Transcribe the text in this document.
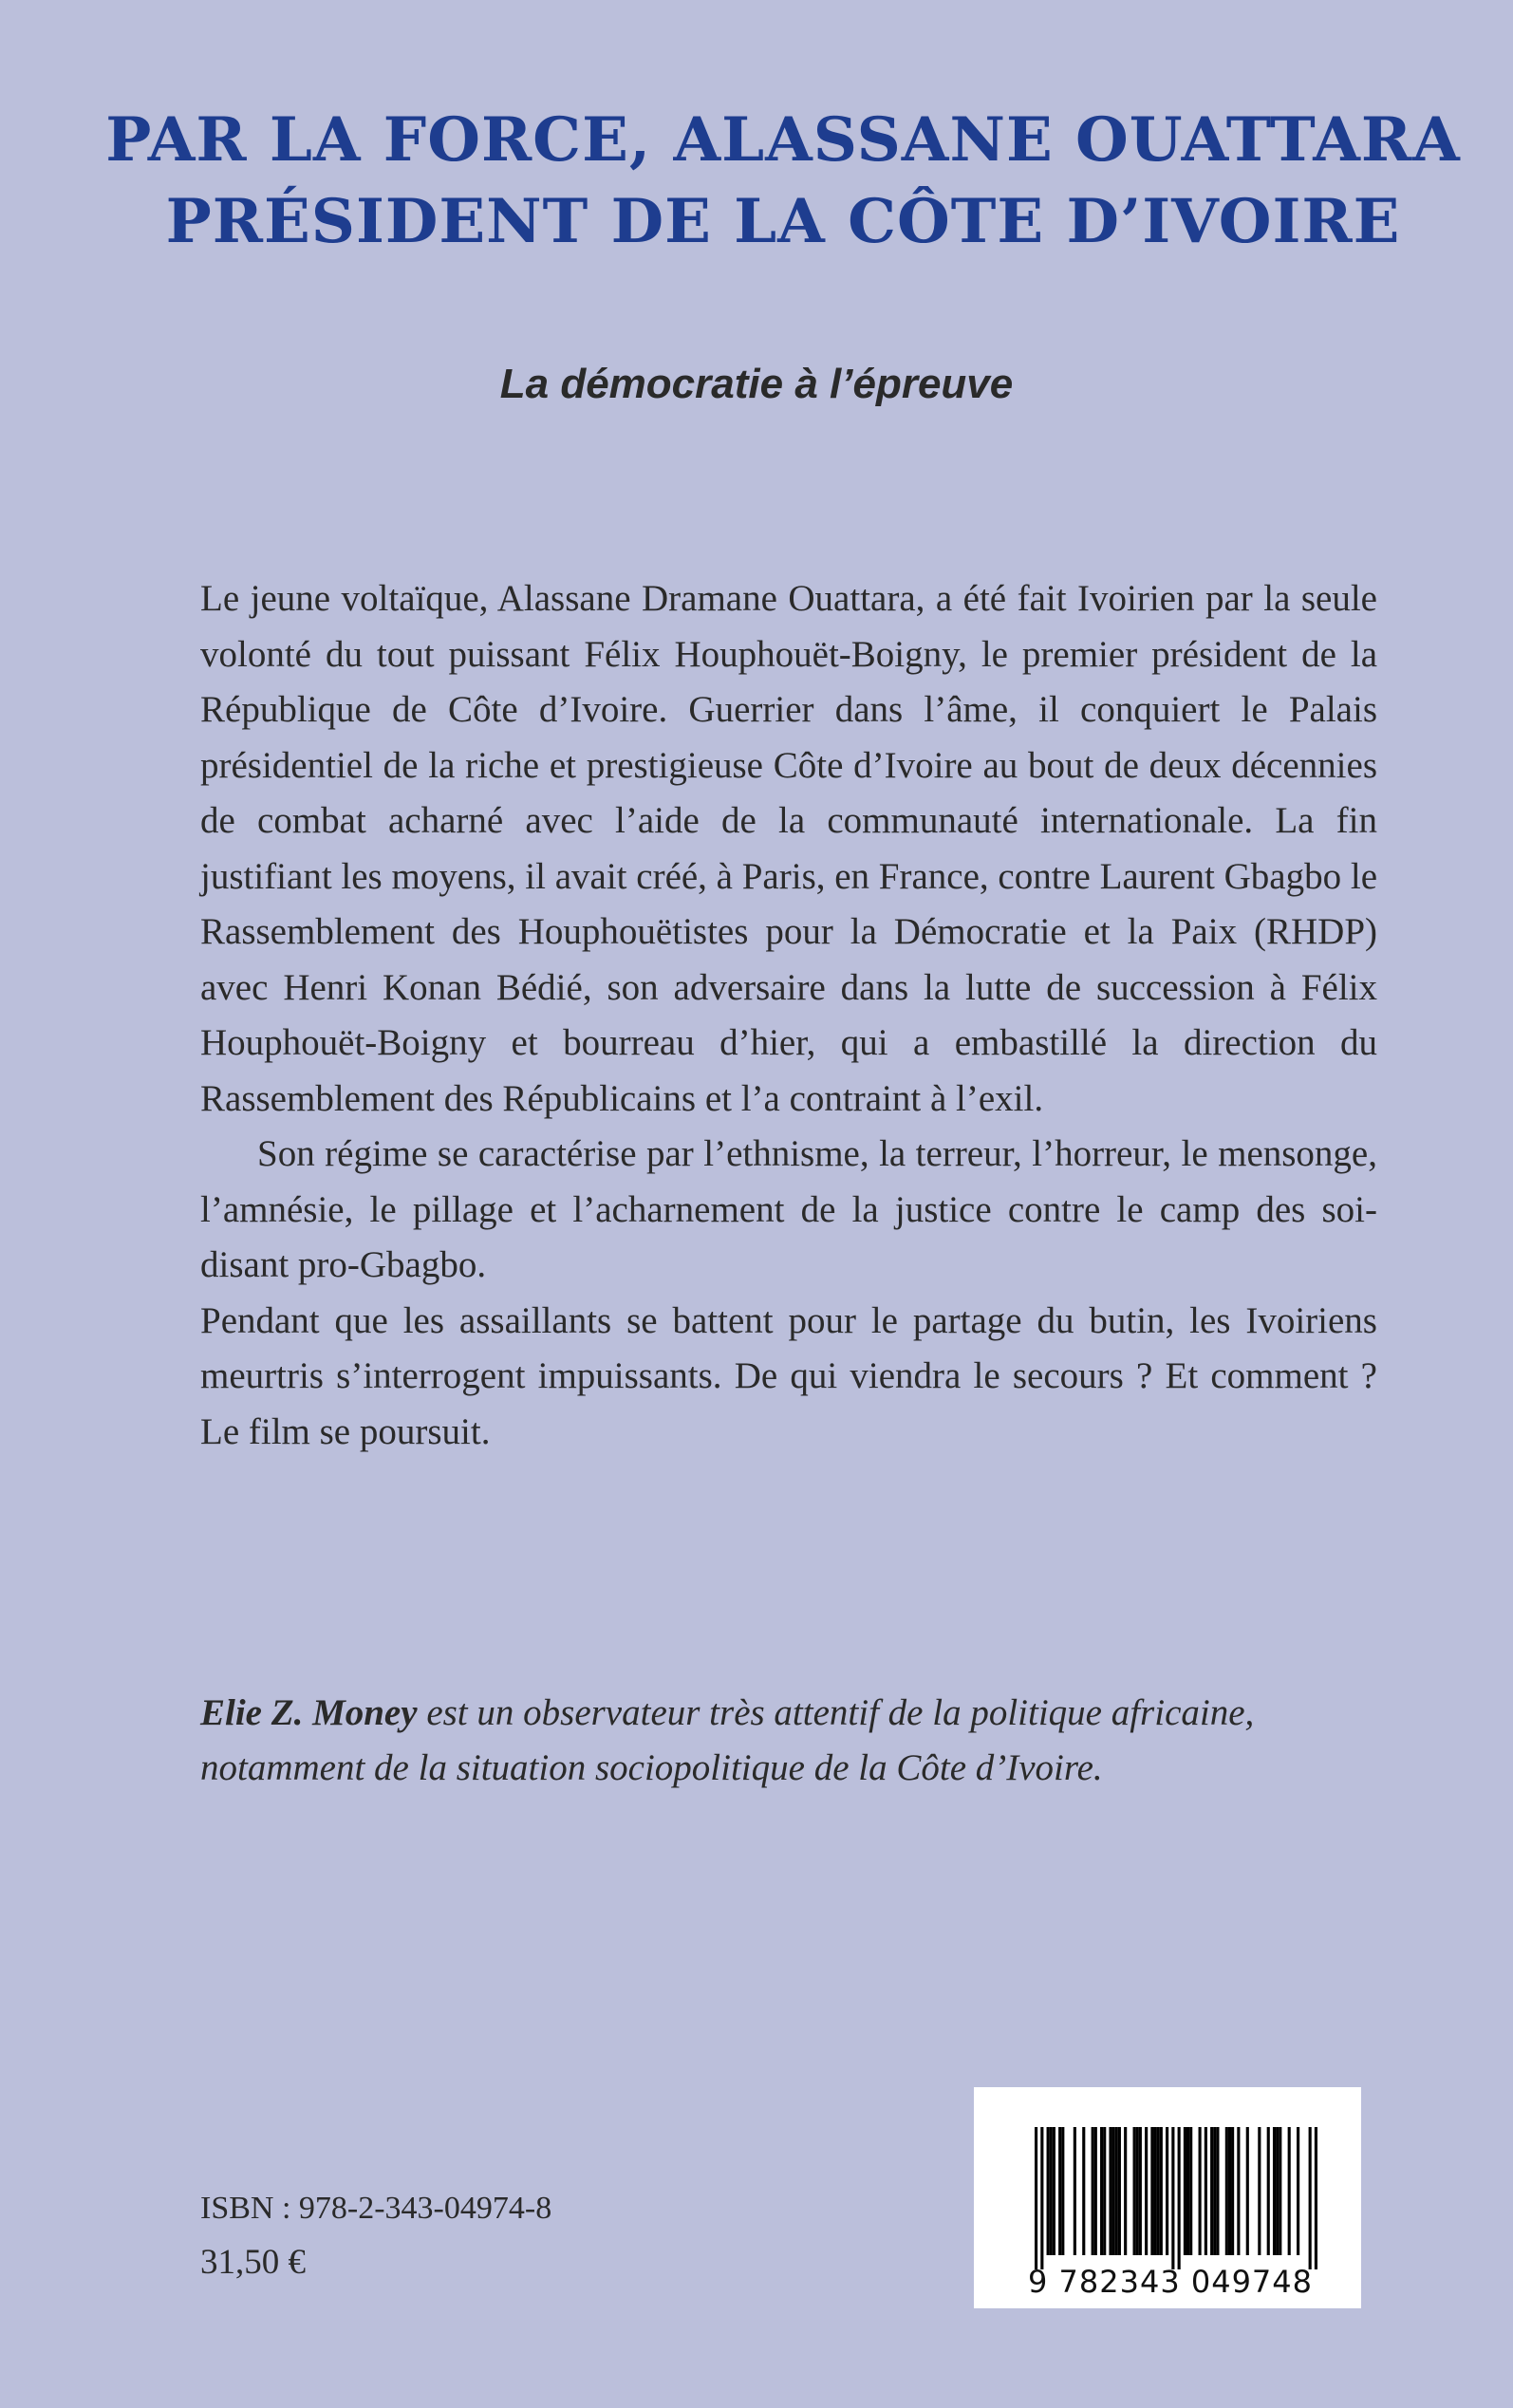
PAR LA FORCE, ALASSANE OUATTARA
PRÉSIDENT DE LA CÔTE D’IVOIRE
La démocratie à l’épreuve

Le jeune voltaïque, Alassane Dramane Ouattara, a été fait Ivoirien par la seule volonté du tout puissant Félix Houphouët-Boigny, le premier président de la République de Côte d’Ivoire. Guerrier dans l’âme, il conquiert le Palais présidentiel de la riche et prestigieuse Côte d’Ivoire au bout de deux décennies de combat acharné avec l’aide de la communauté internationale. La fin justifiant les moyens, il avait créé, à Paris, en France, contre Laurent Gbagbo le Rassemblement des Houphouëtistes pour la Démocratie et la Paix (RHDP) avec Henri Konan Bédié, son adversaire dans la lutte de succession à Félix Houphouët-Boigny et bourreau d’hier, qui a embastillé la direction du Rassemblement des Républicains et l’a contraint à l’exil.

Son régime se caractérise par l’ethnisme, la terreur, l’horreur, le mensonge, l’amnésie, le pillage et l’acharnement de la justice contre le camp des soi-disant pro-Gbagbo.

Pendant que les assaillants se battent pour le partage du butin, les Ivoiriens meurtris s’interrogent impuissants. De qui viendra le secours ? Et comment ? Le film se poursuit.

Elie Z. Money est un observateur très attentif de la politique africaine, notamment de la situation sociopolitique de la Côte d’Ivoire.

9 782343 049748

ISBN : 978-2-343-04974-8

31,50 €
